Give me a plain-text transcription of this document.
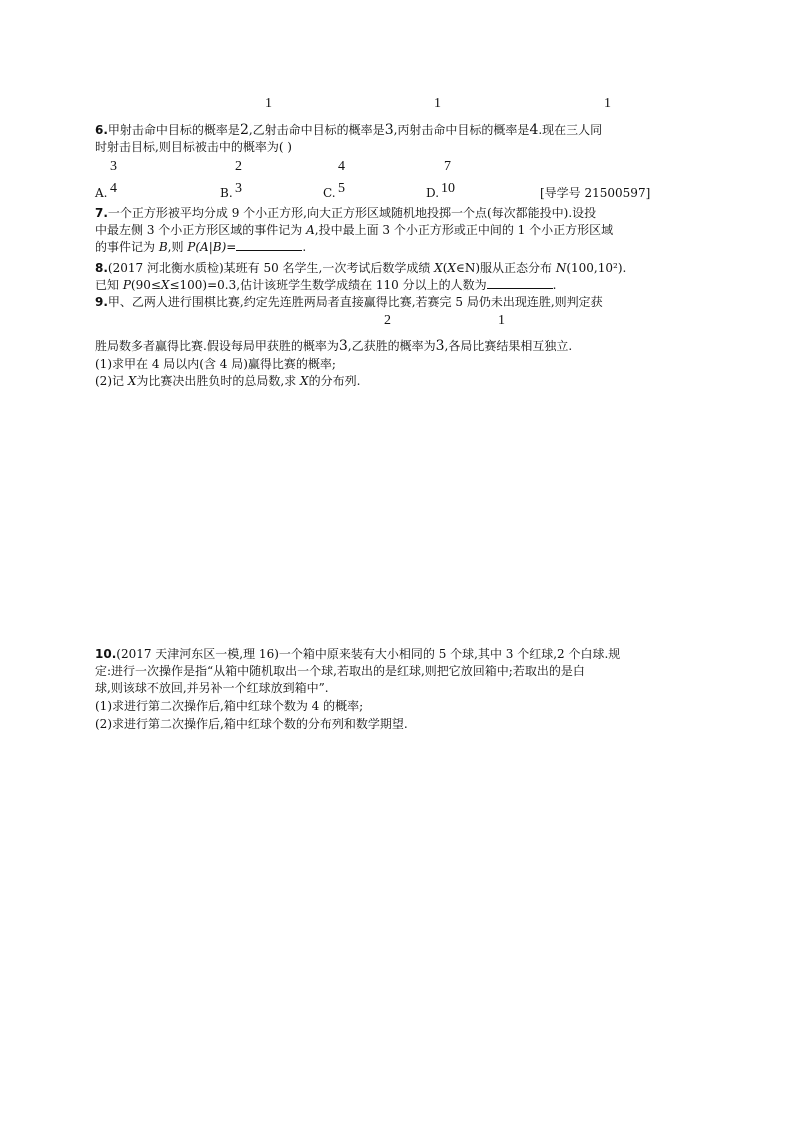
1	1	1
6.甲射击命中目标的概率是2,乙射击命中目标的概率是3,丙射击命中目标的概率是4.现在三人同
时射击目标,则目标被击中的概率为( )
3	2	4	7
A. 4	B. 3	C. 5	D. 10	[导学号 21500597]
7.一个正方形被平均分成 9 个小正方形,向大正方形区域随机地投掷一个点(每次都能投中).设投
中最左侧 3 个小正方形区域的事件记为 A,投中最上面 3 个小正方形或正中间的 1 个小正方形区域
的事件记为 B,则 P(A|B)=	.
8.(2017 河北衡水质检)某班有 50 名学生,一次考试后数学成绩 X(X∈N)服从正态分布 N(100,10²).
已知 P(90≤X≤100)=0.3,估计该班学生数学成绩在 110 分以上的人数为	.
9.甲、乙两人进行围棋比赛,约定先连胜两局者直接赢得比赛,若赛完 5 局仍未出现连胜,则判定获
2	1
胜局数多者赢得比赛.假设每局甲获胜的概率为3,乙获胜的概率为3,各局比赛结果相互独立.
(1)求甲在 4 局以内(含 4 局)赢得比赛的概率;
(2)记 X为比赛决出胜负时的总局数,求 X的分布列.
10.(2017 天津河东区一模,理 16)一个箱中原来装有大小相同的 5 个球,其中 3 个红球,2 个白球.规
定:进行一次操作是指“从箱中随机取出一个球,若取出的是红球,则把它放回箱中;若取出的是白
球,则该球不放回,并另补一个红球放到箱中”.
(1)求进行第二次操作后,箱中红球个数为 4 的概率;
(2)求进行第二次操作后,箱中红球个数的分布列和数学期望.
